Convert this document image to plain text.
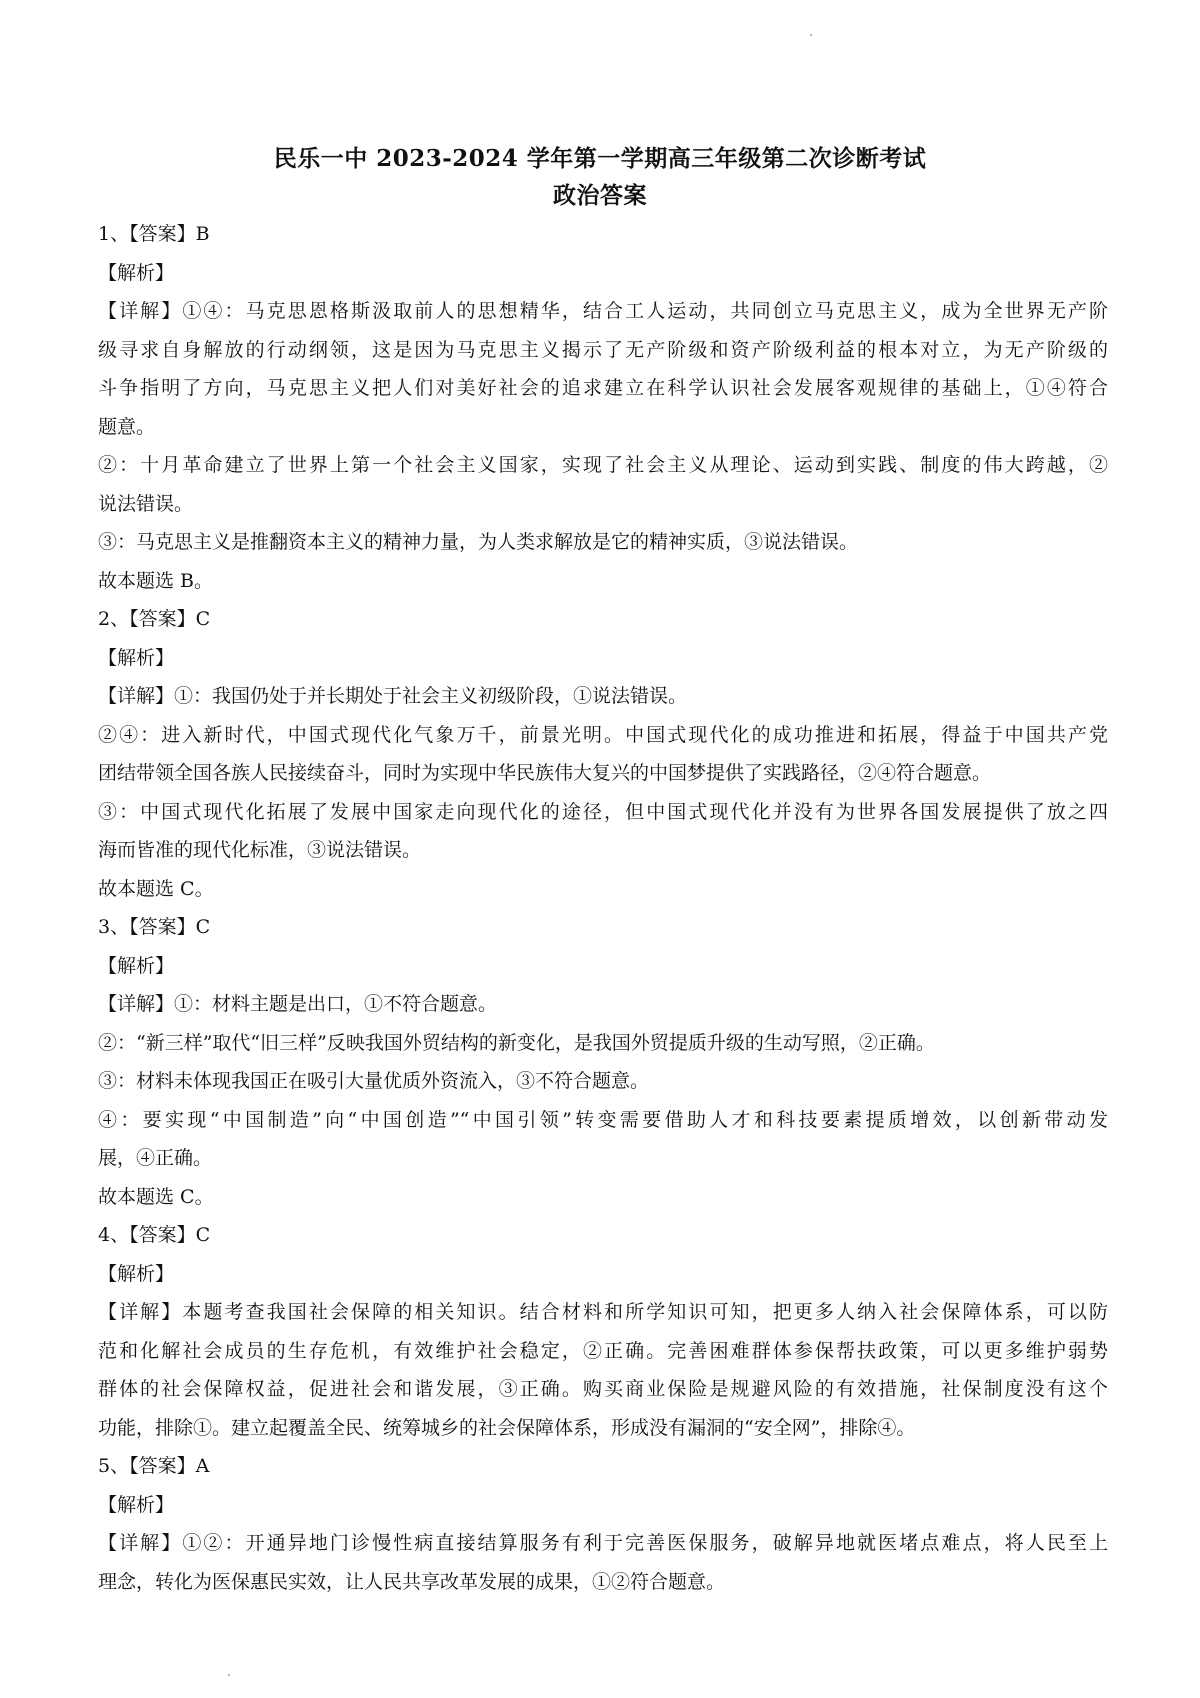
民乐一中 2023-2024 学年第一学期高三年级第二次诊断考试
政治答案
1、【答案】B
【解析】
【详解】①④：马克思恩格斯汲取前人的思想精华，结合工人运动，共同创立马克思主义，成为全世界无产阶
级寻求自身解放的行动纲领，这是因为马克思主义揭示了无产阶级和资产阶级利益的根本对立，为无产阶级的
斗争指明了方向，马克思主义把人们对美好社会的追求建立在科学认识社会发展客观规律的基础上，①④符合
题意。
②：十月革命建立了世界上第一个社会主义国家，实现了社会主义从理论、运动到实践、制度的伟大跨越，②
说法错误。
③：马克思主义是推翻资本主义的精神力量，为人类求解放是它的精神实质，③说法错误。
故本题选 B。
2、【答案】C
【解析】
【详解】①：我国仍处于并长期处于社会主义初级阶段，①说法错误。
②④：进入新时代，中国式现代化气象万千，前景光明。中国式现代化的成功推进和拓展，得益于中国共产党
团结带领全国各族人民接续奋斗，同时为实现中华民族伟大复兴的中国梦提供了实践路径，②④符合题意。
③：中国式现代化拓展了发展中国家走向现代化的途径，但中国式现代化并没有为世界各国发展提供了放之四
海而皆准的现代化标准，③说法错误。
故本题选 C。
3、【答案】C
【解析】
【详解】①：材料主题是出口，①不符合题意。
②：“新三样”取代“旧三样”反映我国外贸结构的新变化，是我国外贸提质升级的生动写照，②正确。
③：材料未体现我国正在吸引大量优质外资流入，③不符合题意。
④：要实现“中国制造”向“中国创造”“中国引领”转变需要借助人才和科技要素提质增效，以创新带动发
展，④正确。
故本题选 C。
4、【答案】C
【解析】
【详解】本题考查我国社会保障的相关知识。结合材料和所学知识可知，把更多人纳入社会保障体系，可以防
范和化解社会成员的生存危机，有效维护社会稳定，②正确。完善困难群体参保帮扶政策，可以更多维护弱势
群体的社会保障权益，促进社会和谐发展，③正确。购买商业保险是规避风险的有效措施，社保制度没有这个
功能，排除①。建立起覆盖全民、统筹城乡的社会保障体系，形成没有漏洞的“安全网”，排除④。
5、【答案】A
【解析】
【详解】①②：开通异地门诊慢性病直接结算服务有利于完善医保服务，破解异地就医堵点难点，将人民至上
理念，转化为医保惠民实效，让人民共享改革发展的成果，①②符合题意。
